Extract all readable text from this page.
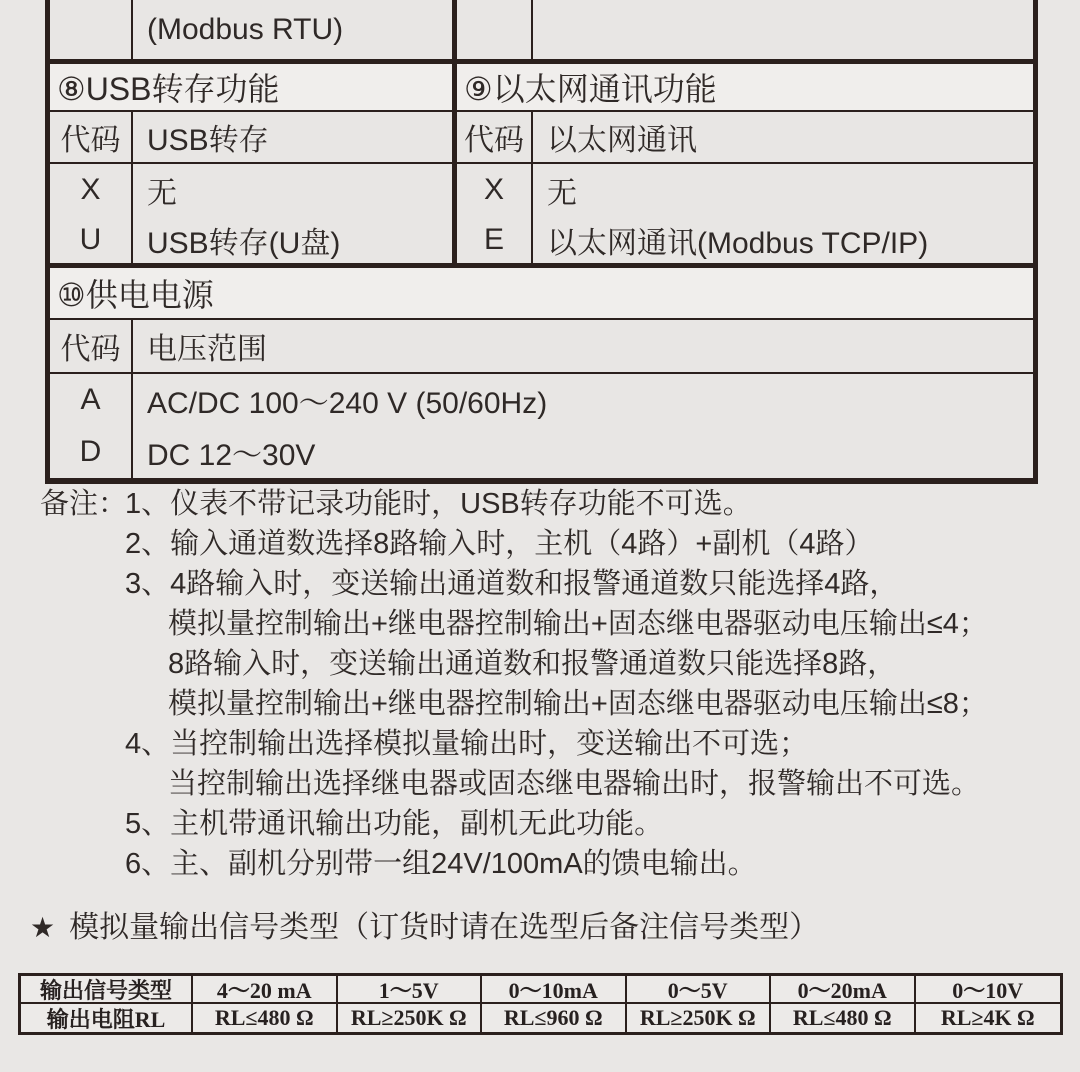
(Modbus RTU)
⑧USB转存功能	⑨以太网通讯功能
代码 USB转存	代码 以太网通讯
X	无	X	无
U	USB转存(U盘)	E	以太网通讯(Modbus TCP/IP)
⑩供电电源
代码 电压范围
A	AC/DC 100～240 V (50/60Hz)
D	DC 12～30V
备注：
1、仪表不带记录功能时，USB转存功能不可选。
2、输入通道数选择8路输入时，主机（4路）+副机（4路）
3、4路输入时，变送输出通道数和报警通道数只能选择4路，
模拟量控制输出+继电器控制输出+固态继电器驱动电压输出≤4；
8路输入时，变送输出通道数和报警通道数只能选择8路，
模拟量控制输出+继电器控制输出+固态继电器驱动电压输出≤8；
4、当控制输出选择模拟量输出时，变送输出不可选；
当控制输出选择继电器或固态继电器输出时，报警输出不可选。
5、主机带通讯输出功能，副机无此功能。
6、主、副机分别带一组24V/100mA的馈电输出。
★ 模拟量输出信号类型（订货时请在选型后备注信号类型）
输出信号类型	4～20 mA	1～5V	0～10mA	0～5V	0～20mA	0～10V
输出电阻RL	RL≤480 Ω	RL≥250K Ω	RL≤960 Ω	RL≥250K Ω	RL≤480 Ω	RL≥4K Ω
